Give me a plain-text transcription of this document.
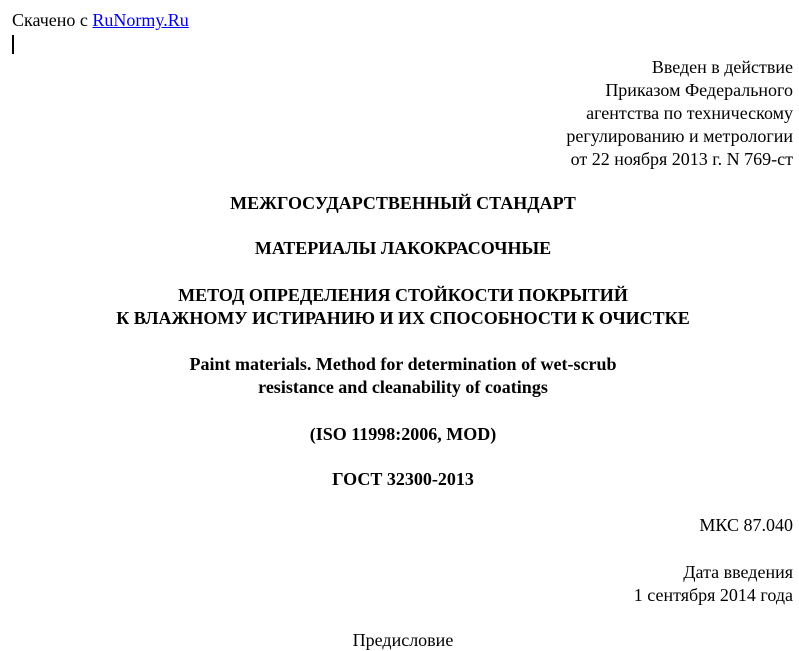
Скачено с RuNormy.Ru
Введен в действие
Приказом Федерального
агентства по техническому
регулированию и метрологии
от 22 ноября 2013 г. N 769-ст
МЕЖГОСУДАРСТВЕННЫЙ СТАНДАРТ
МАТЕРИАЛЫ ЛАКОКРАСОЧНЫЕ
МЕТОД ОПРЕДЕЛЕНИЯ СТОЙКОСТИ ПОКРЫТИЙ
К ВЛАЖНОМУ ИСТИРАНИЮ И ИХ СПОСОБНОСТИ К ОЧИСТКЕ
Paint materials. Method for determination of wet-scrub
resistance and cleanability of coatings
(ISO 11998:2006, MOD)
ГОСТ 32300-2013
МКС 87.040
Дата введения
1 сентября 2014 года
Предисловие
